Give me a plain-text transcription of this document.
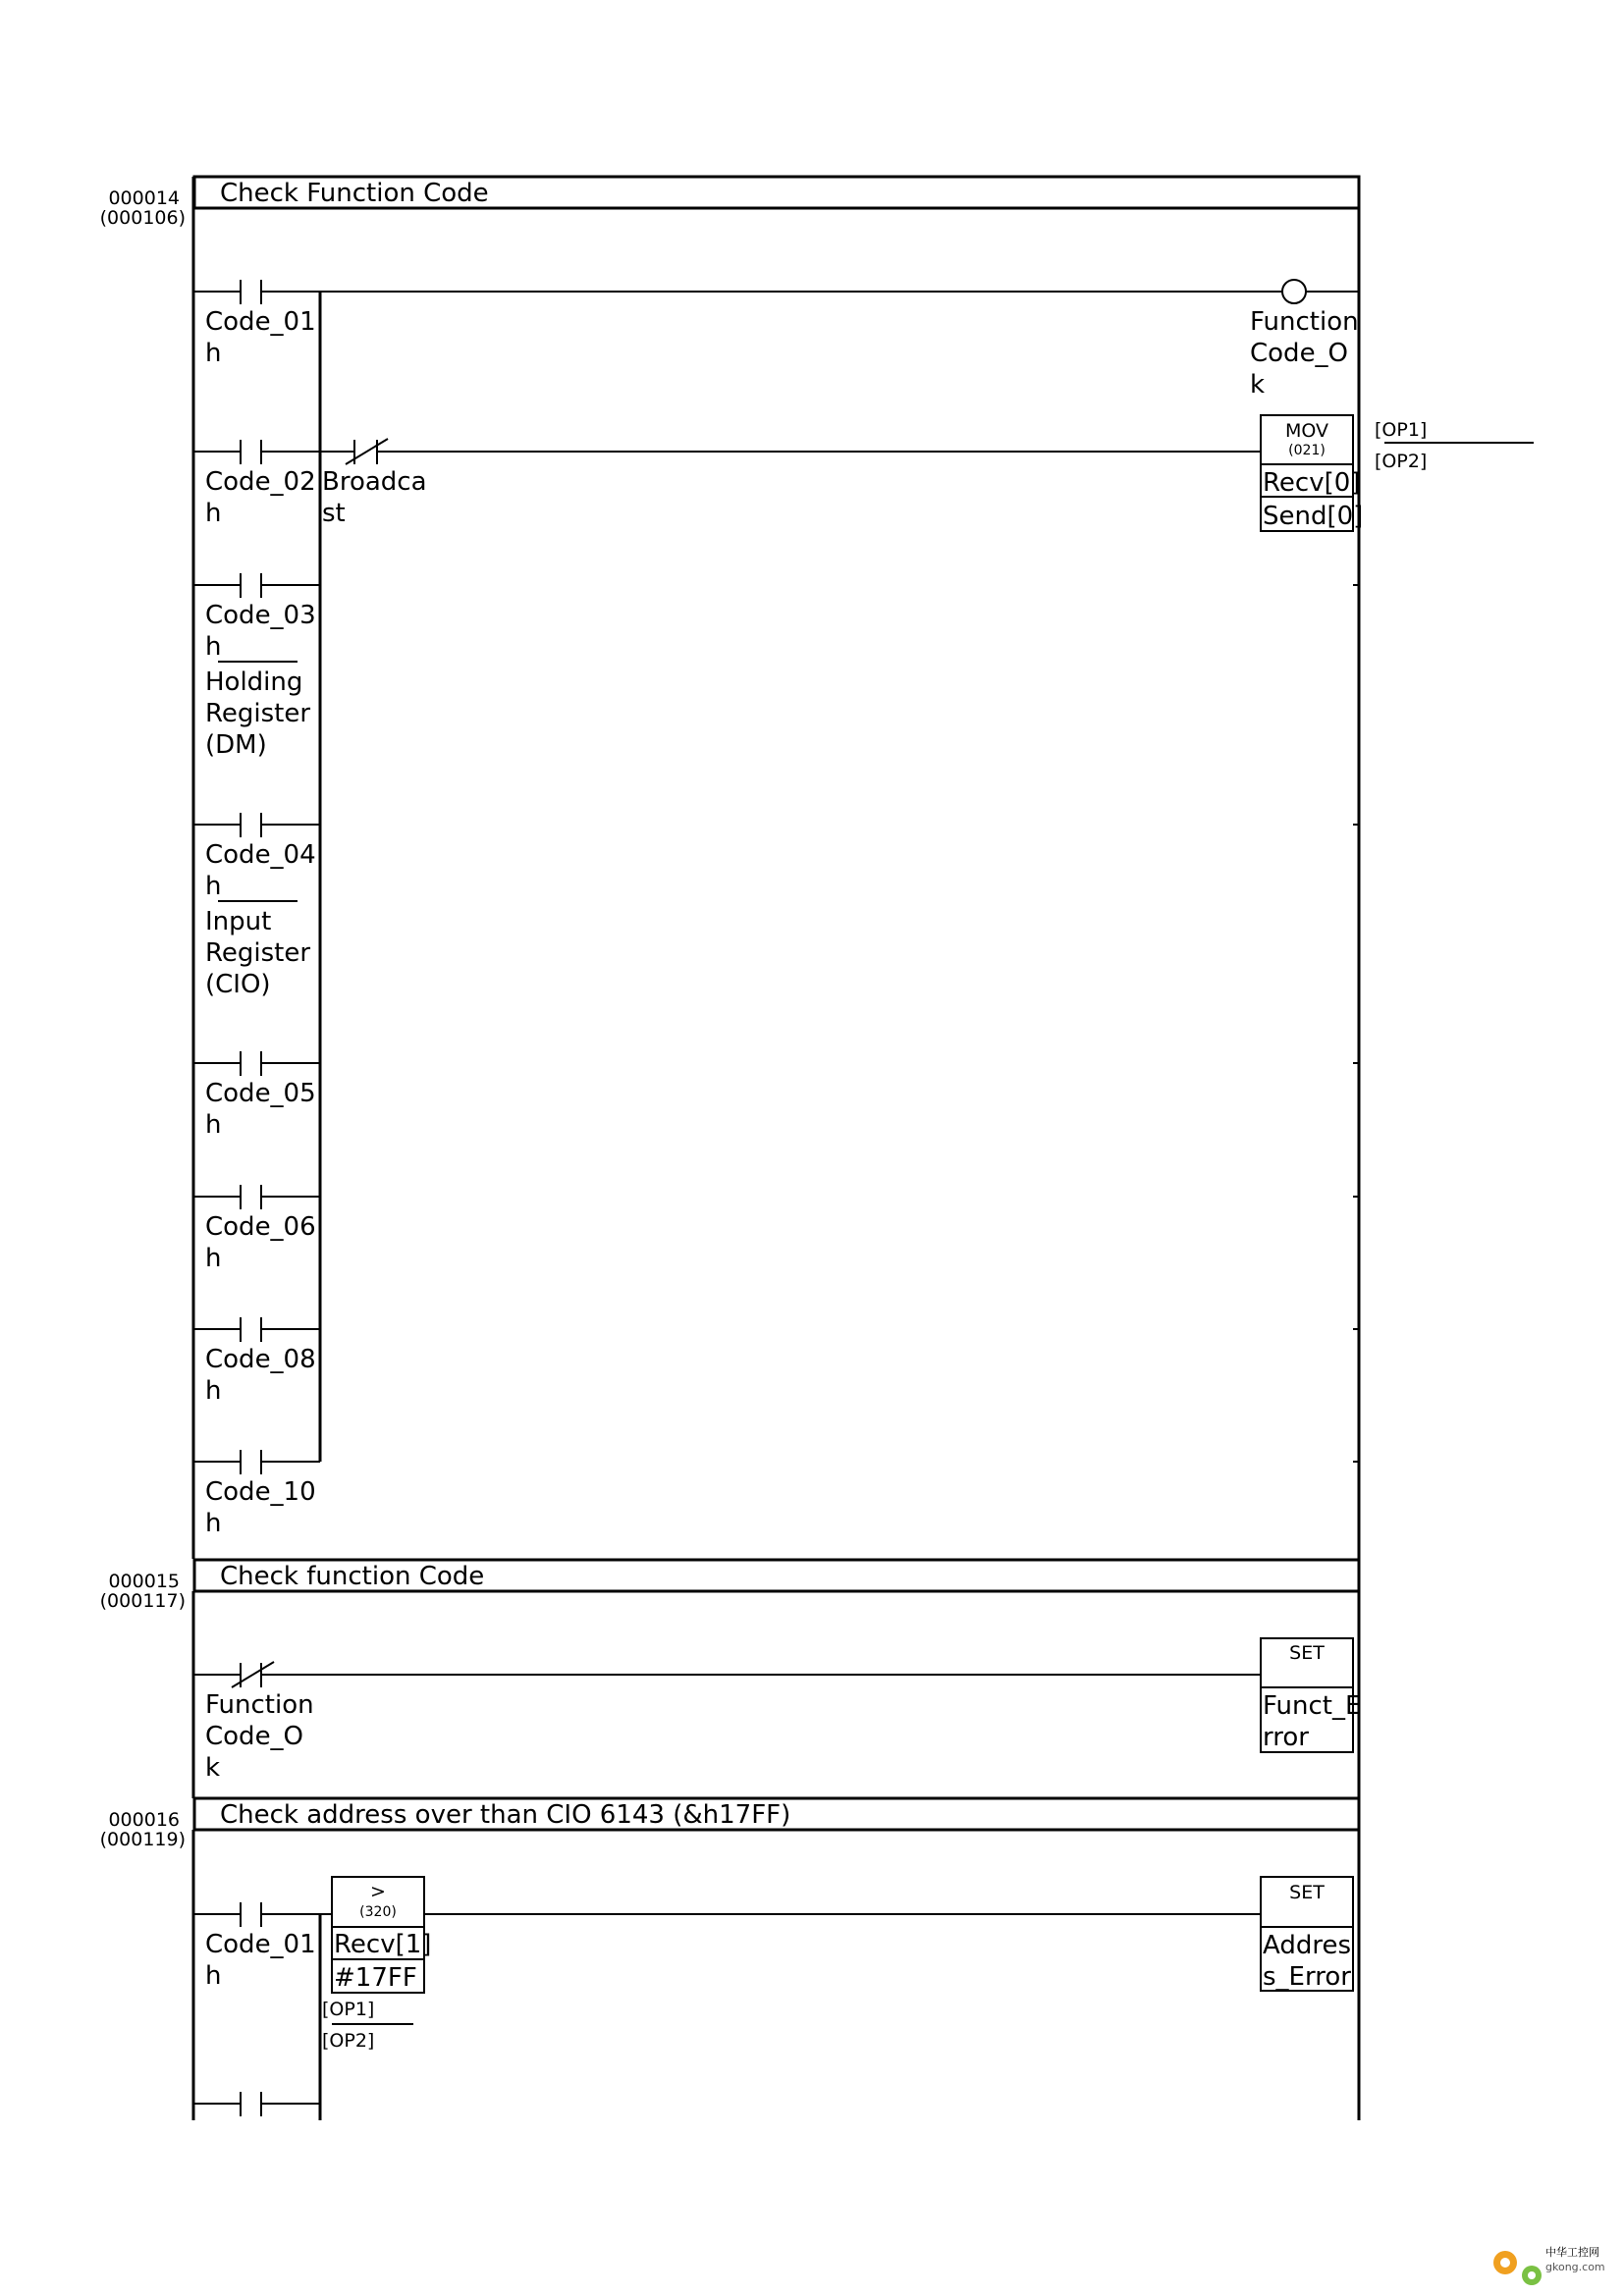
000014
(000106)
Check Function Code
Code_01
h
Function
Code_O
k
Code_02
h
Broadca
st
MOV
(021)
Recv[0]
Send[0]
[OP1]
[OP2]
Code_03
h
Holding
Register
(DM)
Code_04
h
Input
Register
(CIO)
Code_05
h
Code_06
h
Code_08
h
Code_10
h
000015
(000117)
Check function Code
Function
Code_O
k
SET
Funct_E
rror
000016
(000119)
Check address over than CIO 6143 (&h17FF)
Code_01
h
>
(320)
Recv[1]
#17FF
[OP1]
[OP2]
SET
Addres
s_Error
中华工控网
gkong.com
